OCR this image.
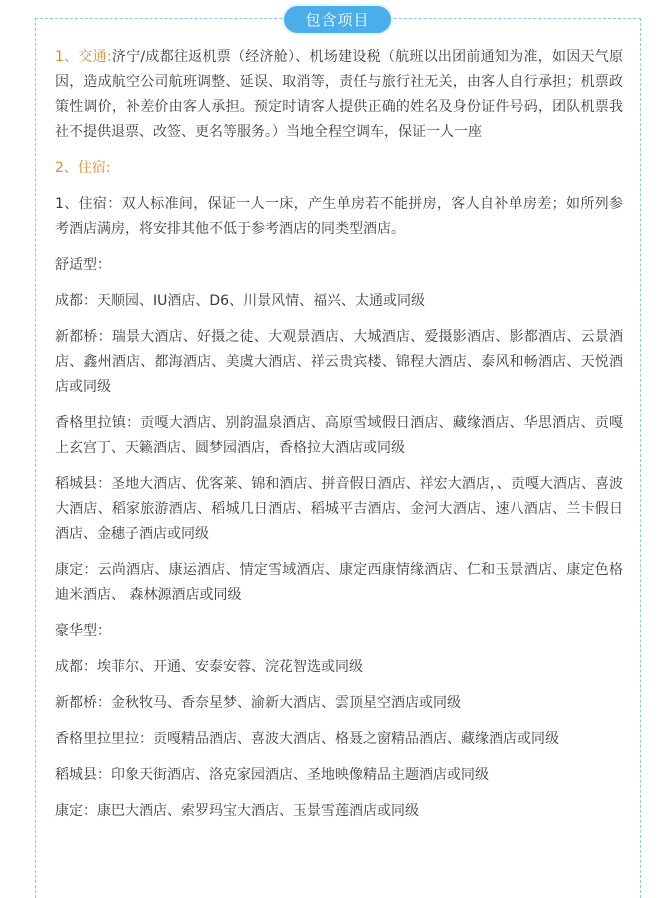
包含项目

1、交通:济宁/成都往返机票（经济舱）、机场建设税（航班以出团前通知为准，如因天气原因，造成航空公司航班调整、延误、取消等，责任与旅行社无关，由客人自行承担；机票政策性调价，补差价由客人承担。预定时请客人提供正确的姓名及身份证件号码，团队机票我社不提供退票、改签、更名等服务。）当地全程空调车，保证一人一座

2、住宿:

1、住宿：双人标准间，保证一人一床，产生单房若不能拼房，客人自补单房差；如所列参考酒店满房，将安排其他不低于参考酒店的同类型酒店。

舒适型：

成都：天顺园、IU酒店、D6、川景风情、福兴、太通或同级

新都桥：瑞景大酒店、好摄之徒、大观景酒店、大城酒店、爱摄影酒店、影都酒店、云景酒店、鑫州酒店、都海酒店、美虞大酒店、祥云贵宾楼、锦程大酒店、泰风和畅酒店、天悦酒店或同级

香格里拉镇：贡嘎大酒店、别韵温泉酒店、高原雪域假日酒店、藏缘酒店、华思酒店、贡嘎上玄宫丁、天籁酒店、圆梦园酒店，香格拉大酒店或同级

稻城县：圣地大酒店、优客莱、锦和酒店、拼音假日酒店、祥宏大酒店，、贡嘎大酒店、喜波大酒店、稻家旅游酒店、稻城几日酒店、稻城平吉酒店、金河大酒店、速八酒店、兰卡假日酒店、金穗子酒店或同级

康定：云尚酒店、康运酒店、情定雪域酒店、康定西康情缘酒店、仁和玉景酒店、康定色格迪米酒店、 森林源酒店或同级

豪华型：

成都：埃菲尔、开通、安泰安蓉、浣花智选或同级

新都桥：金秋牧马、香奈星梦、渝新大酒店、雲顶星空酒店或同级

香格里拉里拉：贡嘎精品酒店、喜波大酒店、格聂之窗精品酒店、藏缘酒店或同级

稻城县：印象天街酒店、洛克家园酒店、圣地映像精品主题酒店或同级

康定：康巴大酒店、索罗玛宝大酒店、玉景雪莲酒店或同级
